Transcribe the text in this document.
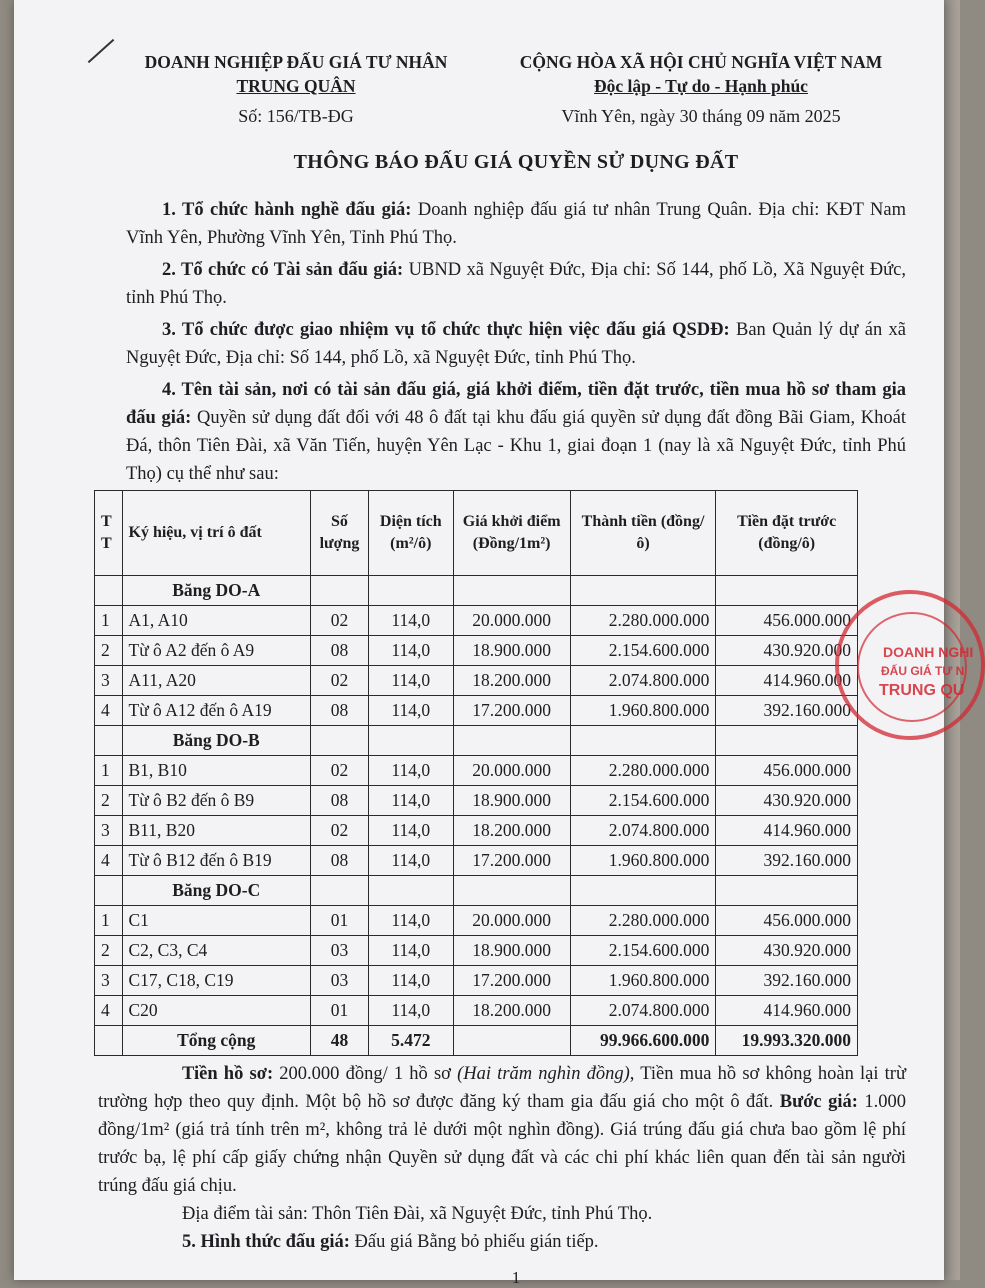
DOANH NGHIỆP ĐẤU GIÁ TƯ NHÂN
TRUNG QUÂN
CỘNG HÒA XÃ HỘI CHỦ NGHĨA VIỆT NAM
Độc lập - Tự do - Hạnh phúc
Số: 156/TB-ĐG	Vĩnh Yên, ngày 30 tháng 09 năm 2025
THÔNG BÁO ĐẤU GIÁ QUYỀN SỬ DỤNG ĐẤT
1. Tổ chức hành nghề đấu giá: Doanh nghiệp đấu giá tư nhân Trung Quân. Địa chỉ: KĐT Nam Vĩnh Yên, Phường Vĩnh Yên, Tỉnh Phú Thọ.
2. Tổ chức có Tài sản đấu giá: UBND xã Nguyệt Đức, Địa chỉ: Số 144, phố Lồ, Xã Nguyệt Đức, tỉnh Phú Thọ.
3. Tổ chức được giao nhiệm vụ tổ chức thực hiện việc đấu giá QSDĐ: Ban Quản lý dự án xã Nguyệt Đức, Địa chỉ: Số 144, phố Lồ, xã Nguyệt Đức, tỉnh Phú Thọ.
4. Tên tài sản, nơi có tài sản đấu giá, giá khởi điểm, tiền đặt trước, tiền mua hồ sơ tham gia đấu giá: Quyền sử dụng đất đối với 48 ô đất tại khu đấu giá quyền sử dụng đất đồng Bãi Giam, Khoát Đá, thôn Tiên Đài, xã Văn Tiến, huyện Yên Lạc - Khu 1, giai đoạn 1 (nay là xã Nguyệt Đức, tỉnh Phú Thọ) cụ thể như sau:
T T	Ký hiệu, vị trí ô đất	Số lượng	Diện tích (m²/ô)	Giá khởi điểm (Đồng/1m²)	Thành tiền (đồng/ô)	Tiền đặt trước (đồng/ô)
	Băng DO-A					
1	A1, A10	02	114,0	20.000.000	2.280.000.000	456.000.000
2	Từ ô A2 đến ô A9	08	114,0	18.900.000	2.154.600.000	430.920.000
3	A11, A20	02	114,0	18.200.000	2.074.800.000	414.960.000
4	Từ ô A12 đến ô A19	08	114,0	17.200.000	1.960.800.000	392.160.000
	Băng DO-B					
1	B1, B10	02	114,0	20.000.000	2.280.000.000	456.000.000
2	Từ ô B2 đến ô B9	08	114,0	18.900.000	2.154.600.000	430.920.000
3	B11, B20	02	114,0	18.200.000	2.074.800.000	414.960.000
4	Từ ô B12 đến ô B19	08	114,0	17.200.000	1.960.800.000	392.160.000
	Băng DO-C					
1	C1	01	114,0	20.000.000	2.280.000.000	456.000.000
2	C2, C3, C4	03	114,0	18.900.000	2.154.600.000	430.920.000
3	C17, C18, C19	03	114,0	17.200.000	1.960.800.000	392.160.000
4	C20	01	114,0	18.200.000	2.074.800.000	414.960.000
	Tổng cộng	48	5.472		99.966.600.000	19.993.320.000
Tiền hồ sơ: 200.000 đồng/ 1 hồ sơ (Hai trăm nghìn đồng), Tiền mua hồ sơ không hoàn lại trừ trường hợp theo quy định. Một bộ hồ sơ được đăng ký tham gia đấu giá cho một ô đất. Bước giá: 1.000 đồng/1m² (giá trả tính trên m², không trả lẻ dưới một nghìn đồng). Giá trúng đấu giá chưa bao gồm lệ phí trước bạ, lệ phí cấp giấy chứng nhận Quyền sử dụng đất và các chi phí khác liên quan đến tài sản người trúng đấu giá chịu.
Địa điểm tài sản: Thôn Tiên Đài, xã Nguyệt Đức, tỉnh Phú Thọ.
5. Hình thức đấu giá: Đấu giá Bằng bỏ phiếu gián tiếp.
1
DOANH NGHI
ĐẤU GIÁ TƯ N
TRUNG QU
